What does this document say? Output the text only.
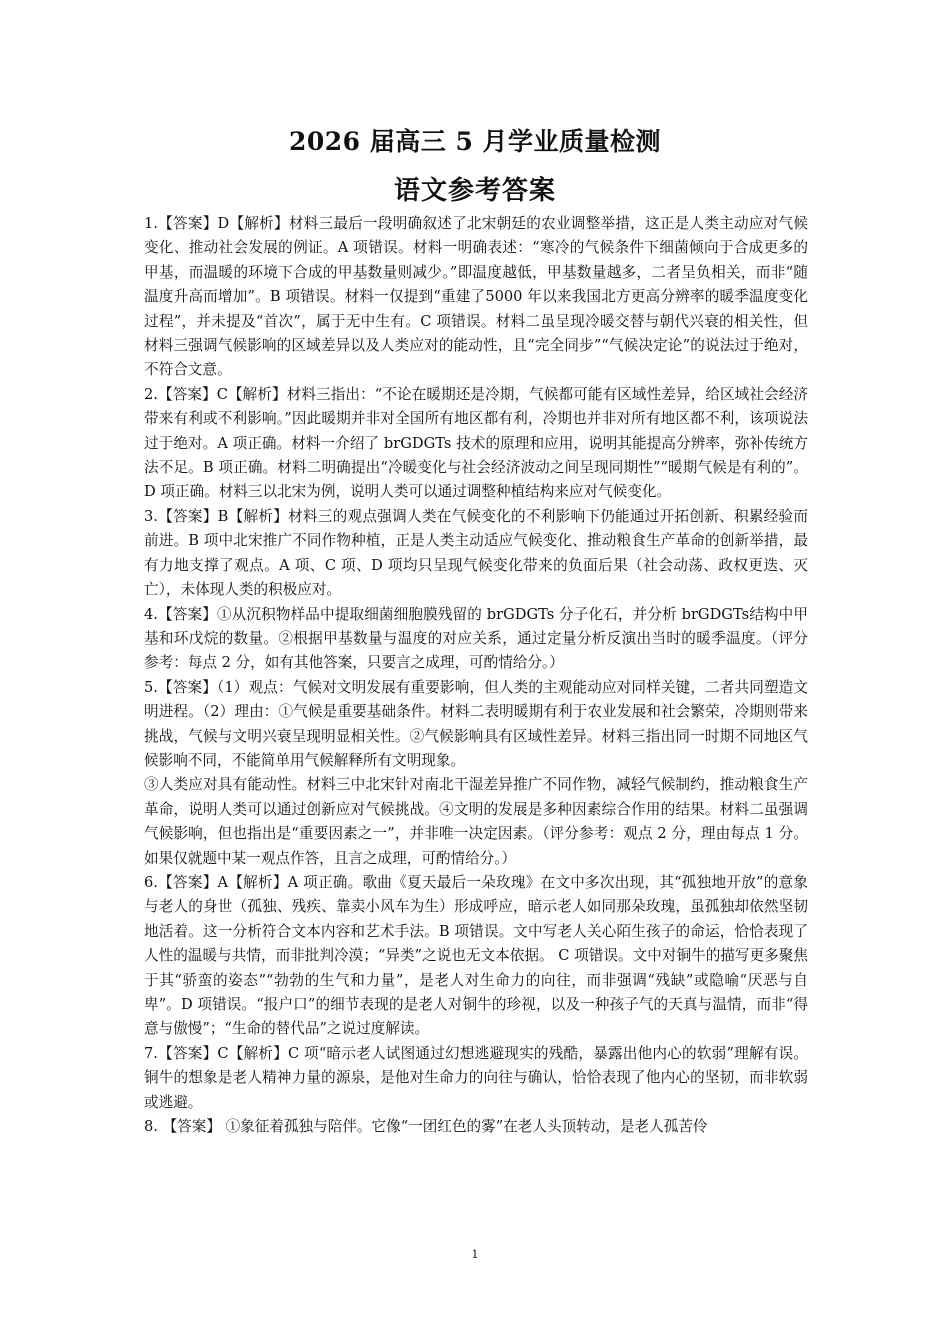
2026 届高三 5 月学业质量检测
语文参考答案

1.【答案】D【解析】材料三最后一段明确叙述了北宋朝廷的农业调整举措，这正是人类主动应对气候变化、推动社会发展的例证。A 项错误。材料一明确表述：“寒冷的气候条件下细菌倾向于合成更多的甲基，而温暖的环境下合成的甲基数量则减少。”即温度越低，甲基数量越多，二者呈负相关，而非“随温度升高而增加”。B 项错误。材料一仅提到“重建了5000 年以来我国北方更高分辨率的暖季温度变化过程”，并未提及“首次”，属于无中生有。C 项错误。材料二虽呈现冷暖交替与朝代兴衰的相关性，但材料三强调气候影响的区域差异以及人类应对的能动性，且“完全同步”“气候决定论”的说法过于绝对，不符合文意。

2.【答案】C【解析】材料三指出：“不论在暖期还是冷期，气候都可能有区域性差异，给区域社会经济带来有利或不利影响。”因此暖期并非对全国所有地区都有利，冷期也并非对所有地区都不利，该项说法过于绝对。A 项正确。材料一介绍了 brGDGTs 技术的原理和应用，说明其能提高分辨率，弥补传统方法不足。B 项正确。材料二明确提出“冷暖变化与社会经济波动之间呈现同期性”“暖期气候是有利的”。D 项正确。材料三以北宋为例，说明人类可以通过调整种植结构来应对气候变化。

3.【答案】B【解析】材料三的观点强调人类在气候变化的不利影响下仍能通过开拓创新、积累经验而前进。B 项中北宋推广不同作物种植，正是人类主动适应气候变化、推动粮食生产革命的创新举措，最有力地支撑了观点。A 项、C 项、D 项均只呈现气候变化带来的负面后果（社会动荡、政权更迭、灭亡），未体现人类的积极应对。

4.【答案】①从沉积物样品中提取细菌细胞膜残留的 brGDGTs 分子化石，并分析 brGDGTs结构中甲基和环戊烷的数量。②根据甲基数量与温度的对应关系，通过定量分析反演出当时的暖季温度。（评分参考：每点 2 分，如有其他答案，只要言之成理，可酌情给分。）

5.【答案】（1）观点：气候对文明发展有重要影响，但人类的主观能动应对同样关键，二者共同塑造文明进程。（2）理由：①气候是重要基础条件。材料二表明暖期有利于农业发展和社会繁荣，冷期则带来挑战，气候与文明兴衰呈现明显相关性。②气候影响具有区域性差异。材料三指出同一时期不同地区气候影响不同，不能简单用气候解释所有文明现象。

③人类应对具有能动性。材料三中北宋针对南北干湿差异推广不同作物，减轻气候制约，推动粮食生产革命，说明人类可以通过创新应对气候挑战。④文明的发展是多种因素综合作用的结果。材料二虽强调气候影响，但也指出是“重要因素之一”，并非唯一决定因素。（评分参考：观点 2 分，理由每点 1 分。如果仅就题中某一观点作答，且言之成理，可酌情给分。）

6.【答案】A【解析】A 项正确。歌曲《夏天最后一朵玫瑰》在文中多次出现，其“孤独地开放”的意象与老人的身世（孤独、残疾、靠卖小风车为生）形成呼应，暗示老人如同那朵玫瑰，虽孤独却依然坚韧地活着。这一分析符合文本内容和艺术手法。B 项错误。文中写老人关心陌生孩子的命运，恰恰表现了人性的温暖与共情，而非批判冷漠；“异类”之说也无文本依据。 C 项错误。文中对铜牛的描写更多聚焦于其“骄蛮的姿态”“勃勃的生气和力量”，是老人对生命力的向往，而非强调“残缺”或隐喻“厌恶与自卑”。D 项错误。“报户口”的细节表现的是老人对铜牛的珍视，以及一种孩子气的天真与温情，而非“得意与傲慢”；“生命的替代品”之说过度解读。

7.【答案】C【解析】C 项“暗示老人试图通过幻想逃避现实的残酷，暴露出他内心的软弱”理解有误。铜牛的想象是老人精神力量的源泉，是他对生命力的向往与确认，恰恰表现了他内心的坚韧，而非软弱或逃避。

8. 【答案】 ①象征着孤独与陪伴。它像“一团红色的雾”在老人头顶转动，是老人孤苦伶

1
